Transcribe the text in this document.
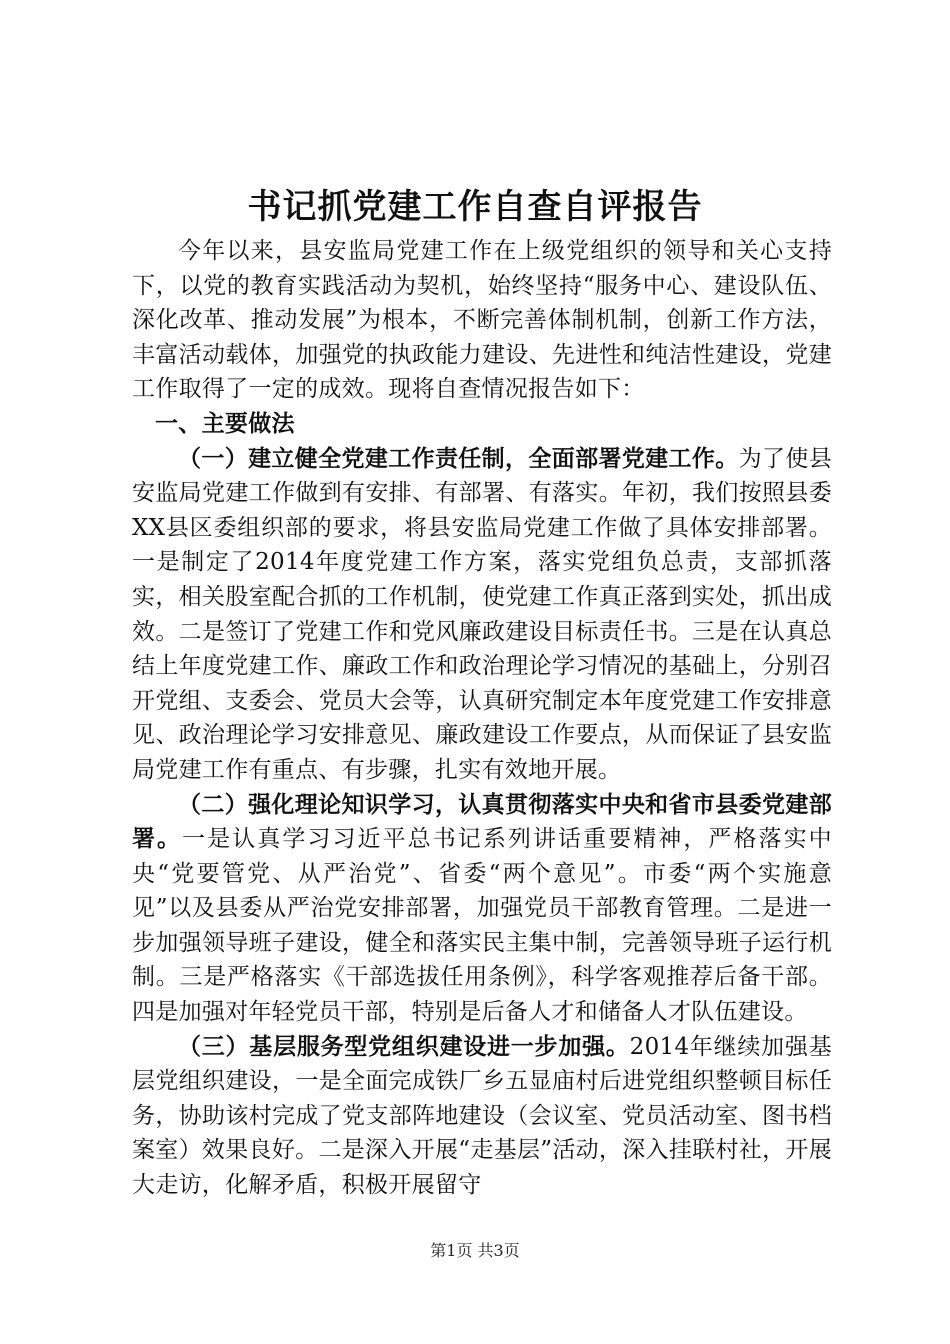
书记抓党建工作自查自评报告

今年以来，县安监局党建工作在上级党组织的领导和关心支持下，以党的教育实践活动为契机，始终坚持“服务中心、建设队伍、深化改革、推动发展”为根本，不断完善体制机制，创新工作方法，丰富活动载体，加强党的执政能力建设、先进性和纯洁性建设，党建工作取得了一定的成效。现将自查情况报告如下：

一、主要做法

（一）建立健全党建工作责任制，全面部署党建工作。为了使县安监局党建工作做到有安排、有部署、有落实。年初，我们按照县委XX县区委组织部的要求，将县安监局党建工作做了具体安排部署。一是制定了2014年度党建工作方案，落实党组负总责，支部抓落实，相关股室配合抓的工作机制，使党建工作真正落到实处，抓出成效。二是签订了党建工作和党风廉政建设目标责任书。三是在认真总结上年度党建工作、廉政工作和政治理论学习情况的基础上，分别召开党组、支委会、党员大会等，认真研究制定本年度党建工作安排意见、政治理论学习安排意见、廉政建设工作要点，从而保证了县安监局党建工作有重点、有步骤，扎实有效地开展。

（二）强化理论知识学习，认真贯彻落实中央和省市县委党建部署。一是认真学习习近平总书记系列讲话重要精神，严格落实中央“党要管党、从严治党”、省委“两个意见”。市委“两个实施意见”以及县委从严治党安排部署，加强党员干部教育管理。二是进一步加强领导班子建设，健全和落实民主集中制，完善领导班子运行机制。三是严格落实《干部选拔任用条例》，科学客观推荐后备干部。四是加强对年轻党员干部，特别是后备人才和储备人才队伍建设。

（三）基层服务型党组织建设进一步加强。2014年继续加强基层党组织建设，一是全面完成铁厂乡五显庙村后进党组织整顿目标任务，协助该村完成了党支部阵地建设（会议室、党员活动室、图书档案室）效果良好。二是深入开展“走基层”活动，深入挂联村社，开展大走访，化解矛盾，积极开展留守

第1页 共3页
